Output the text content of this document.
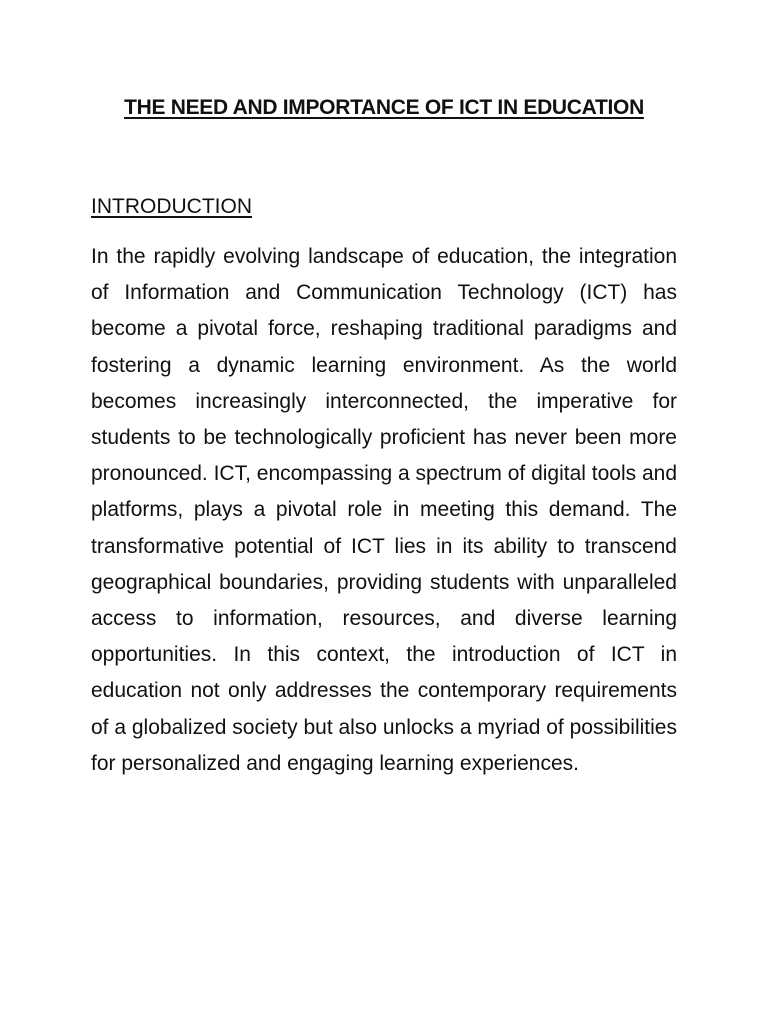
THE NEED AND IMPORTANCE OF ICT IN EDUCATION
INTRODUCTION

In the rapidly evolving landscape of education, the integration of Information and Communication Technology (ICT) has become a pivotal force, reshaping traditional paradigms and fostering a dynamic learning environment. As the world becomes increasingly interconnected, the imperative for students to be technologically proficient has never been more pronounced. ICT, encompassing a spectrum of digital tools and platforms, plays a pivotal role in meeting this demand. The transformative potential of ICT lies in its ability to transcend geographical boundaries, providing students with unparalleled access to information, resources, and diverse learning opportunities. In this context, the introduction of ICT in education not only addresses the contemporary requirements of a globalized society but also unlocks a myriad of possibilities for personalized and engaging learning experiences.
